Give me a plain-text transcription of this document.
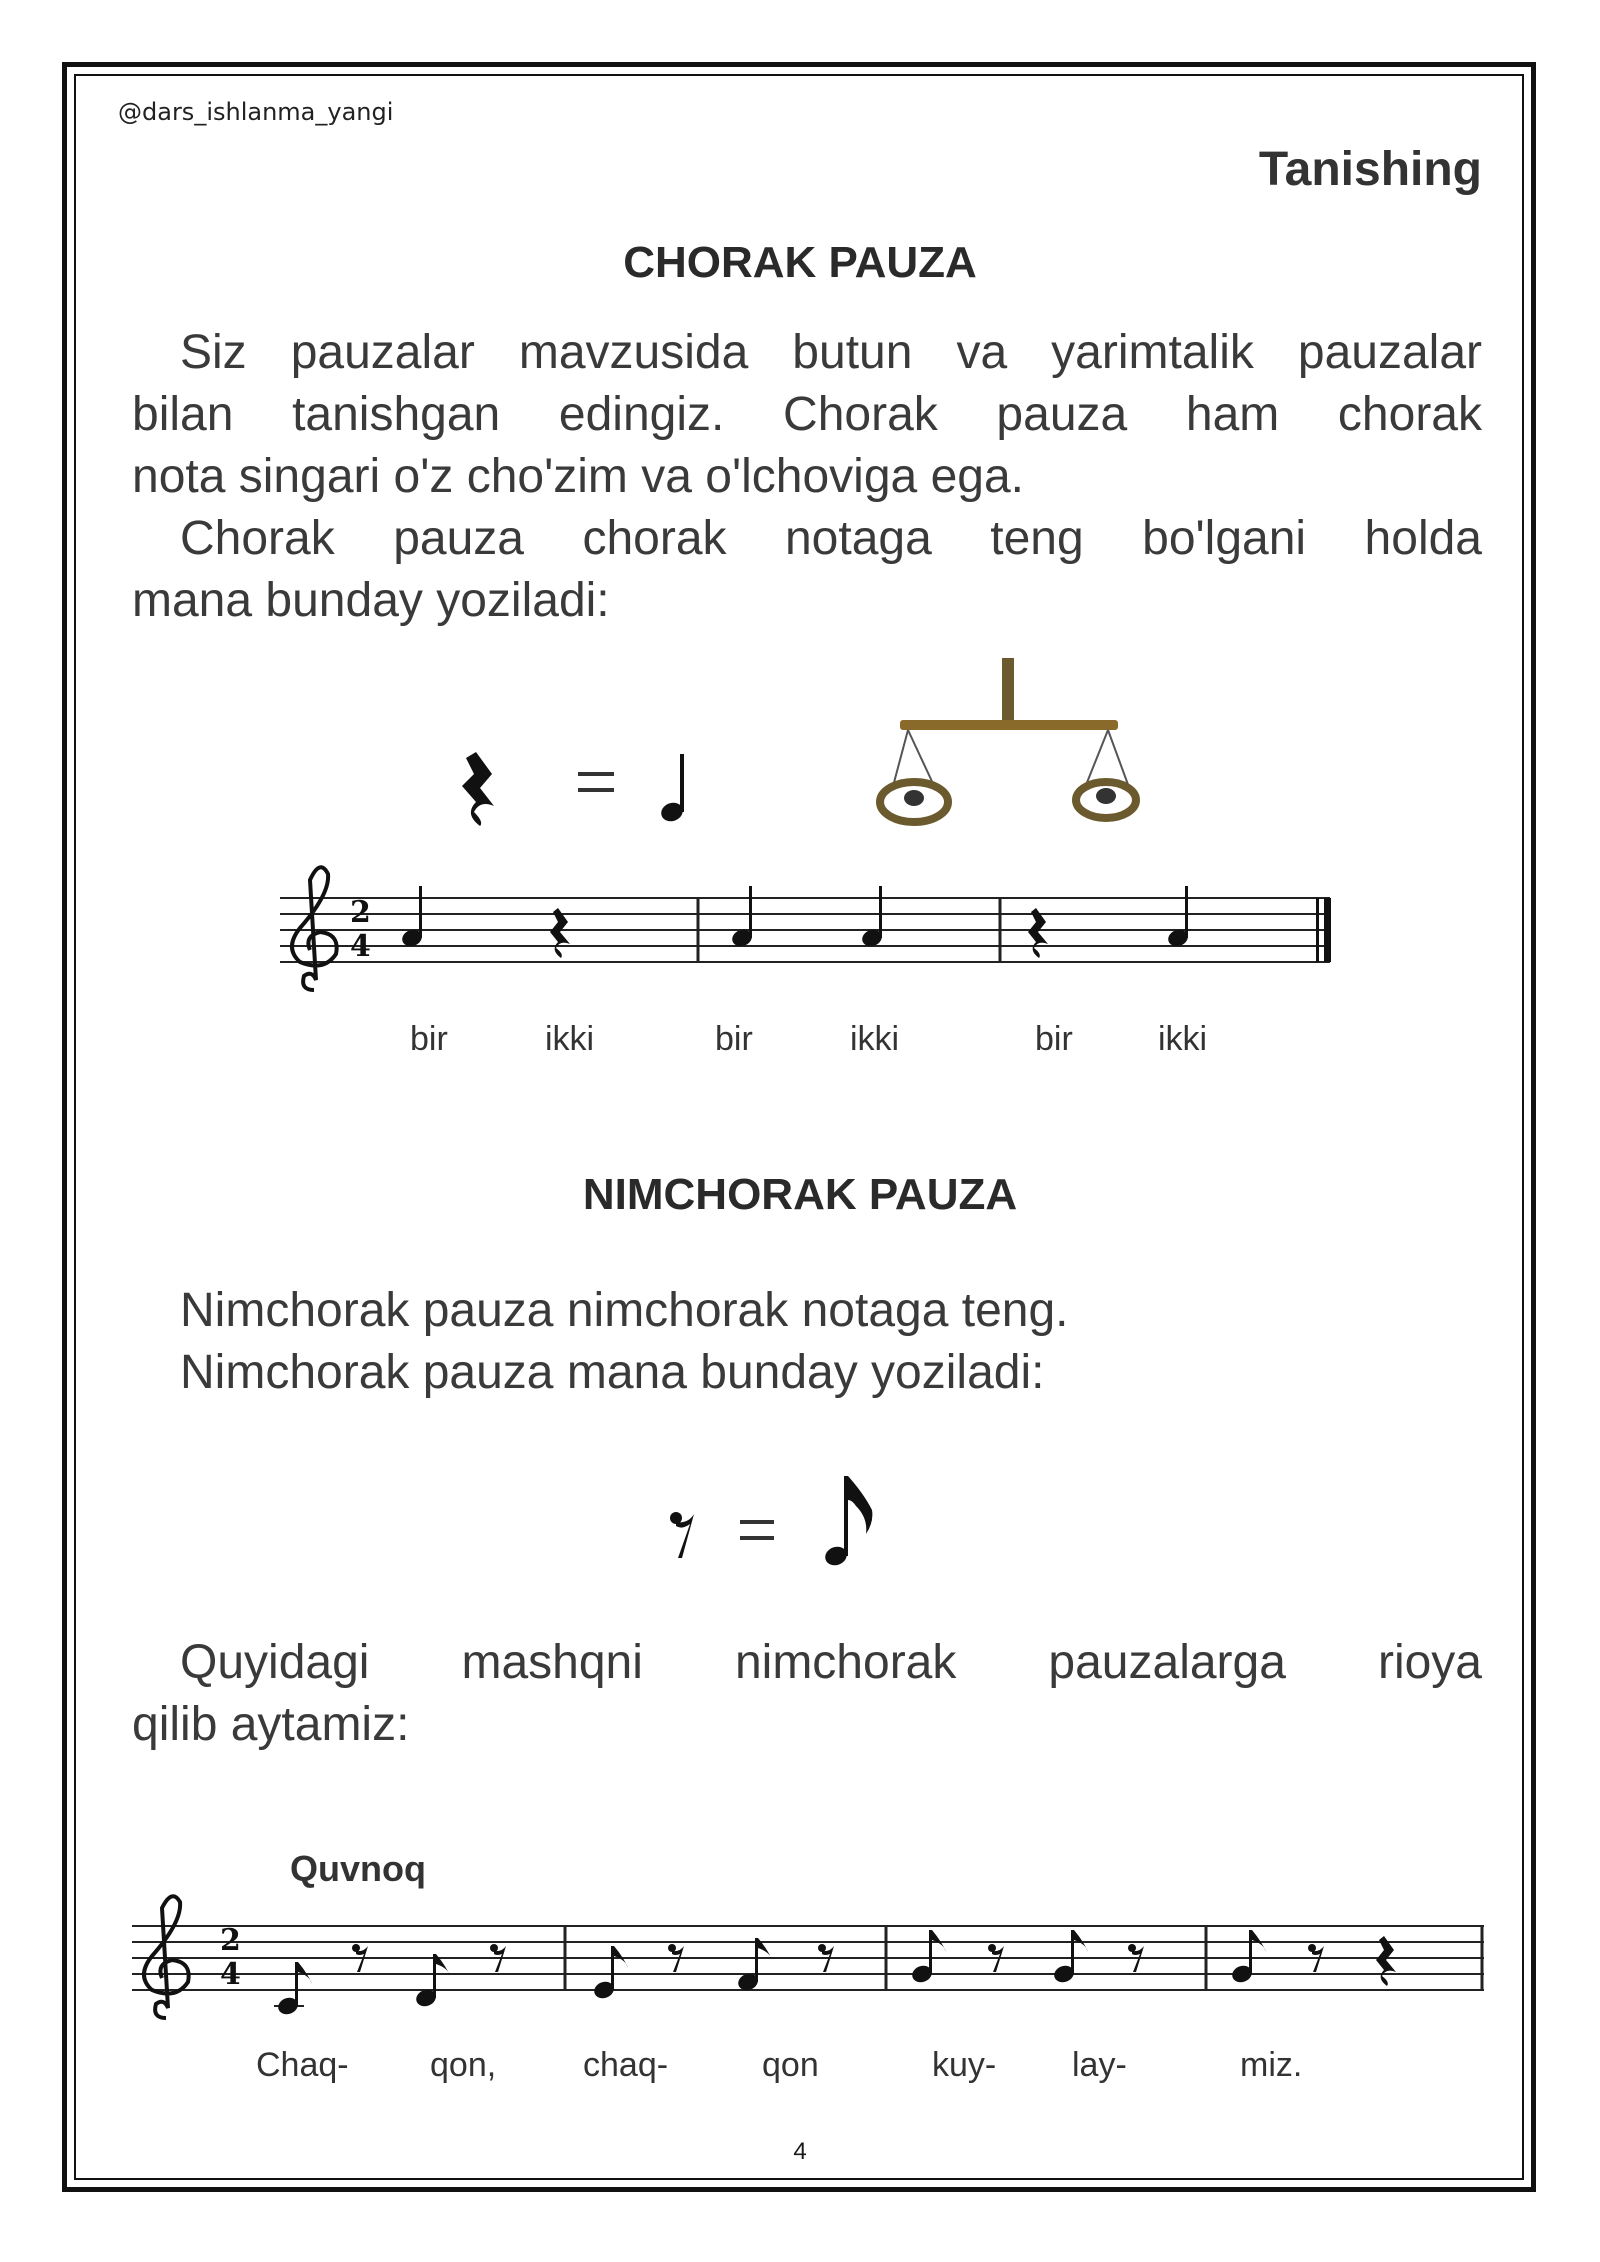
@dars_ishlanma_yangi
Tanishing
CHORAK PAUZA
Siz pauzalar mavzusida butun va yarimtalik pauzalar
bilan tanishgan edingiz. Chorak pauza ham chorak
nota singari o'z cho'zim va o'lchoviga ega.
Chorak pauza chorak notaga teng bo'lgani holda
mana bunday yoziladi:
2
4
bir	ikki	bir	ikki	bir	ikki
NIMCHORAK PAUZA
Nimchorak pauza nimchorak notaga teng.
Nimchorak pauza mana bunday yoziladi:
Quyidagi mashqni nimchorak pauzalarga rioya
qilib aytamiz:
Quvnoq
2
4
Chaq- qon,	chaq-	qon	kuy- lay-	miz.
4
